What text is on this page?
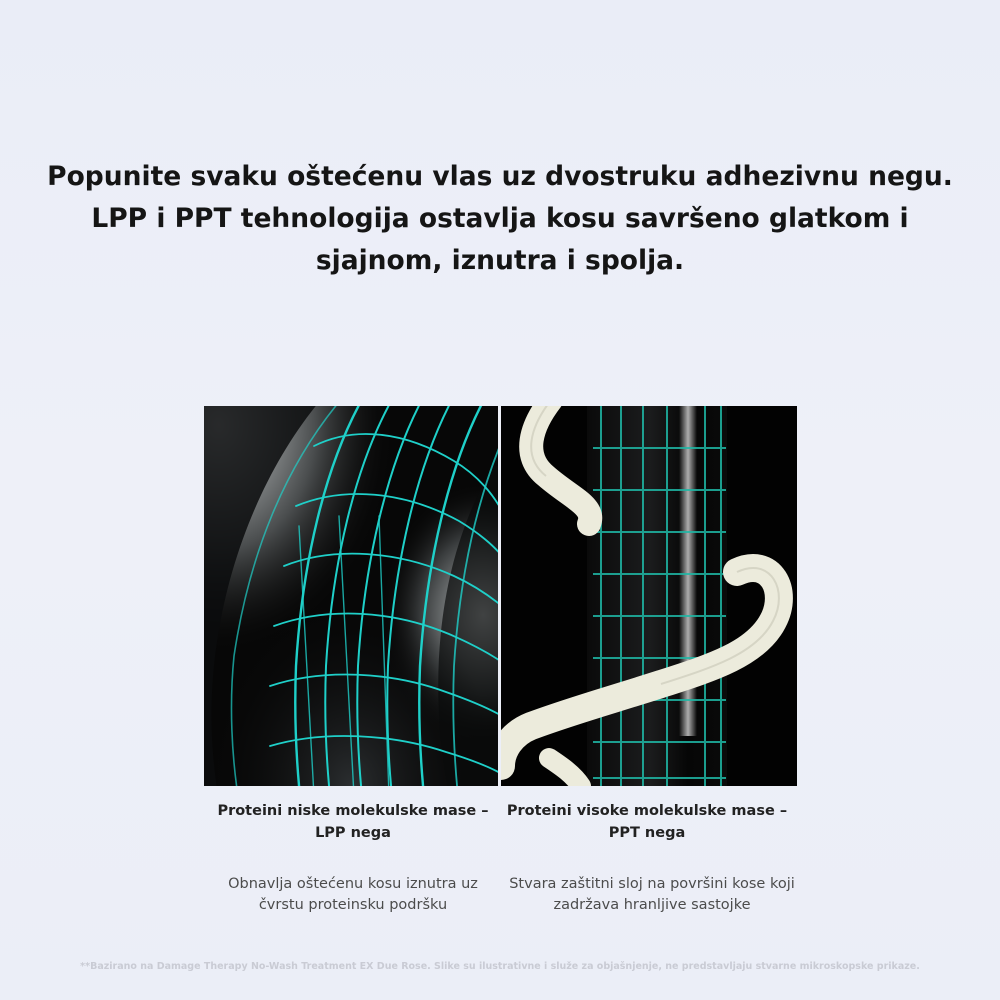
Popunite svaku oštećenu vlas uz dvostruku adhezivnu negu.
LPP i PPT tehnologija ostavlja kosu savršeno glatkom i
sjajnom, iznutra i spolja.
Proteini niske molekulske mase –
LPP nega
Proteini visoke molekulske mase –
PPT nega
Obnavlja oštećenu kosu iznutra uz
čvrstu proteinsku podršku
Stvara zaštitni sloj na površini kose koji
zadržava hranljive sastojke
**Bazirano na Damage Therapy No-Wash Treatment EX Due Rose. Slike su ilustrativne i služe za objašnjenje, ne predstavljaju stvarne mikroskopske prikaze.
